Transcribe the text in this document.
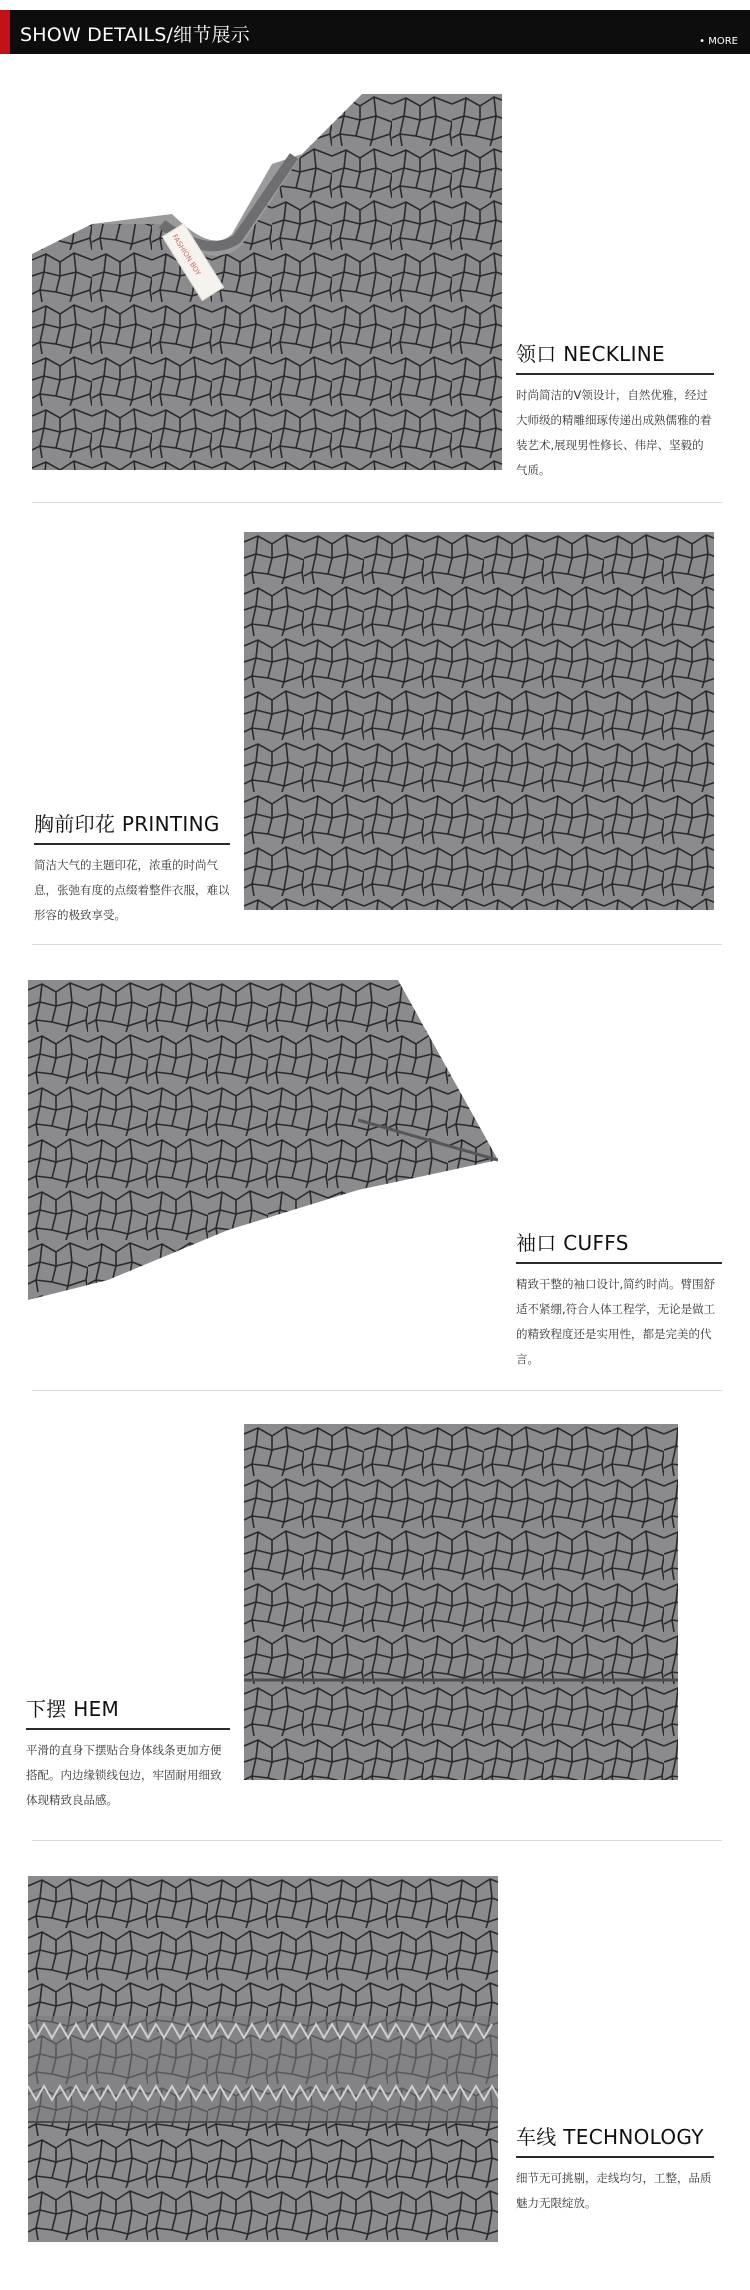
SHOW DETAILS/细节展示	• MORE
FASHION BOY
领口 NECKLINE
时尚简洁的V领设计，自然优雅，经过大师级的精雕细琢传递出成熟儒雅的着装艺术,展现男性修长、伟岸、坚毅的气质。
胸前印花 PRINTING
简洁大气的主题印花，浓重的时尚气息，张弛有度的点缀着整件衣服，难以形容的极致享受。
袖口 CUFFS
精致干整的袖口设计,简约时尚。臂围舒适不紧绷,符合人体工程学，无论是做工的精致程度还是实用性，都是完美的代言。
下摆 HEM
平滑的直身下摆贴合身体线条更加方便搭配。内边缘锁线包边，牢固耐用细致体现精致良品感。
车线 TECHNOLOGY
细节无可挑剔，走线均匀，工整，品质魅力无限绽放。
